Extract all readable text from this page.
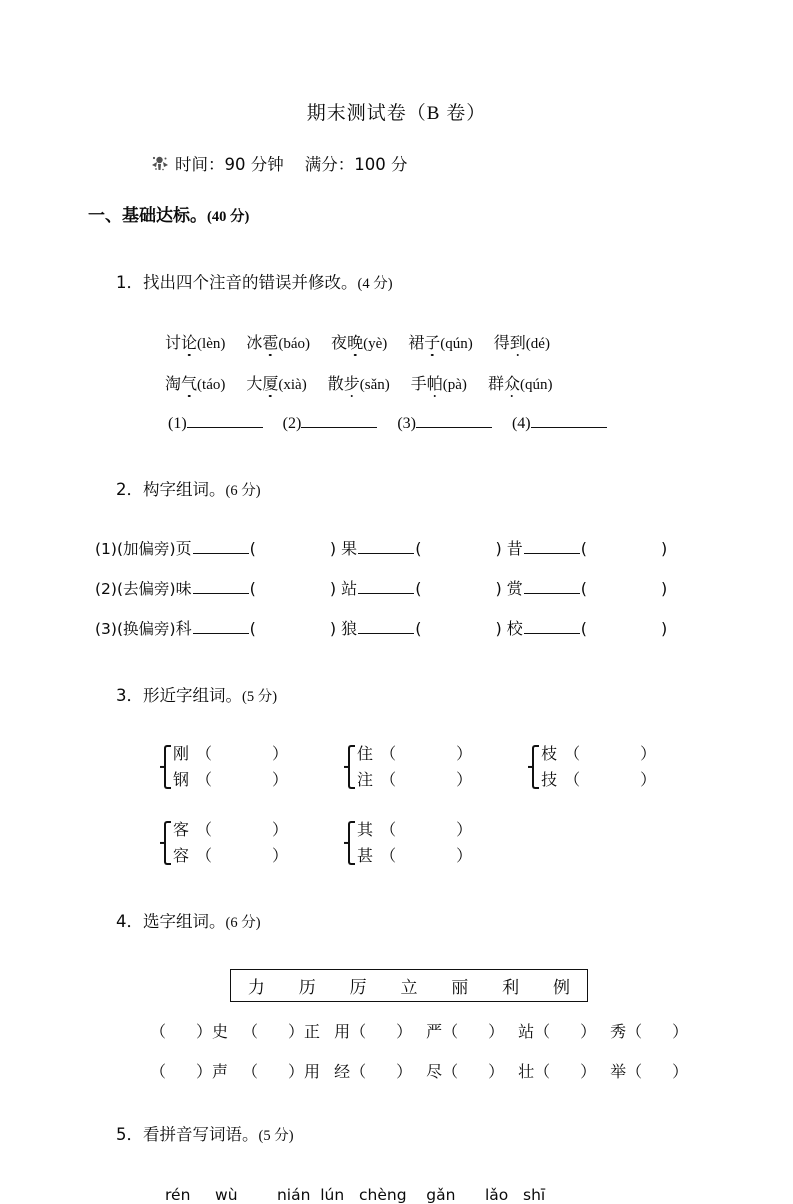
期末测试卷（B 卷）
时间：90 分钟    满分：100 分
一、基础达标。(40 分)

1．找出四个注音的错误并修改。(4 分)

讨论(lèn) 冰雹(báo) 夜晚(yè) 裙子(qún) 得到(dé)
淘气(táo) 大厦(xià) 散步(sǎn) 手帕(pà) 群众(qún)
(1)	(2)	(3)	(4)

2．构字组词。(6 分)

(1)(加偏旁)页	(	) 果	(	) 昔	(	)
(2)(去偏旁)味	(	) 站	(	) 赏	(	)
(3)(换偏旁)科	(	) 狼	(	) 校	(	)

3．形近字组词。(5 分)

刚 （	）
钢 （	）
住 （	）
注 （	）
枝 （	）
技 （	）
客 （	）
容 （	）
其 （	）
甚 （	）

4．选字组词。(6 分)

力 历 厉 立 丽 利 例
（ ）史 （ ）正 用（ ） 严（ ） 站（ ） 秀（ ）
（ ）声 （ ）用 经（ ） 尽（ ） 壮（ ） 举（ ）

5．看拼音写词语。(5 分)

rén     wù        nián  lún   chèng    gǎn      lǎo   shī
